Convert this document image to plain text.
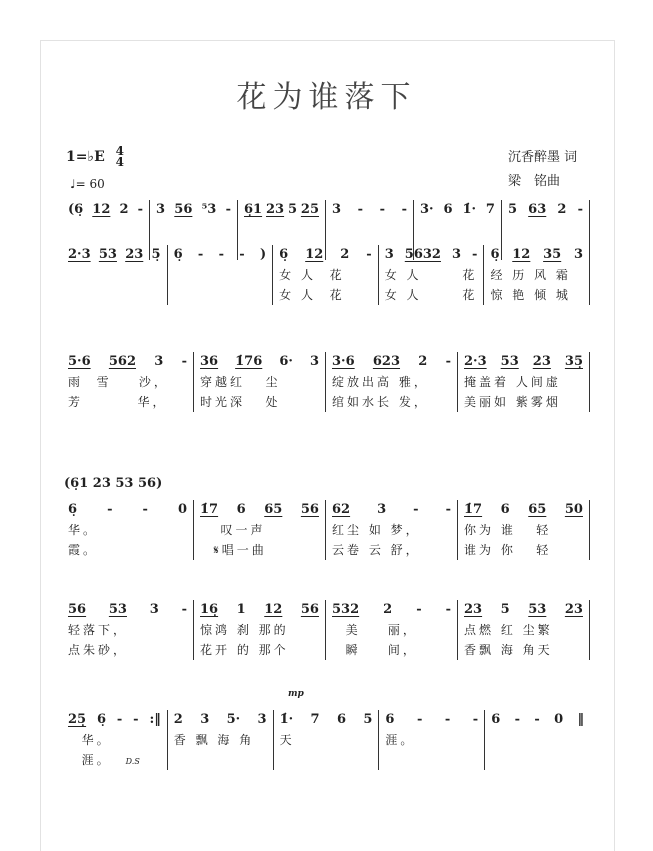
花为谁落下
1=♭E 4
4
♩= 60
沉香醉墨 词
梁　铭曲
(6̣1 23 53 56)
mp
(6̣ 12 2 - 3 56 ⁵3 - 6̣1 23 5 25 3 - - - 3· 6 1̇· 7 5 63 2 -
2·3 53 23 5̣ 6̣ - - - ) 6̣ 12 2 -
女 人  花
女 人  花
3 5632 3 -
女 人      花
女 人      花
6̣ 12 35 3
经 历 风 霜
惊 艳 倾 城
5·6 562 3 -
雨  雪    沙，
芳        华，
36 1̇76 6· 3
穿越红   尘
时光深   处
3·6 623 2 -
绽放出高 雅，
绾如水长 发，
2·3 53 23 35̣
掩盖着 人间虚
美丽如 紫雾烟
6̣ - - 0
华。
霞。
1̇7 6 65 56
叹一声
𝄋唱一曲
62 3 - -
红尘 如 梦，
云卷 云 舒，
1̇7 6 65 50
你为 谁   轻
谁为 你   轻
56 53 3 -
轻落下，
点朱砂，
16̣ 1 12 56
惊鸿 刹 那的
花开 的 那个
532 2 - -
美    丽，
瞬    间，
23 5 53 23
点燃 红 尘繁
香飘 海 角天
25̣ 6̣ - - :‖
华。
涯。 D.S
2 3 5· 3
香 飘 海 角
1̇· 7 6 5
天
6 - - -
涯。
6 - - 0 ‖
